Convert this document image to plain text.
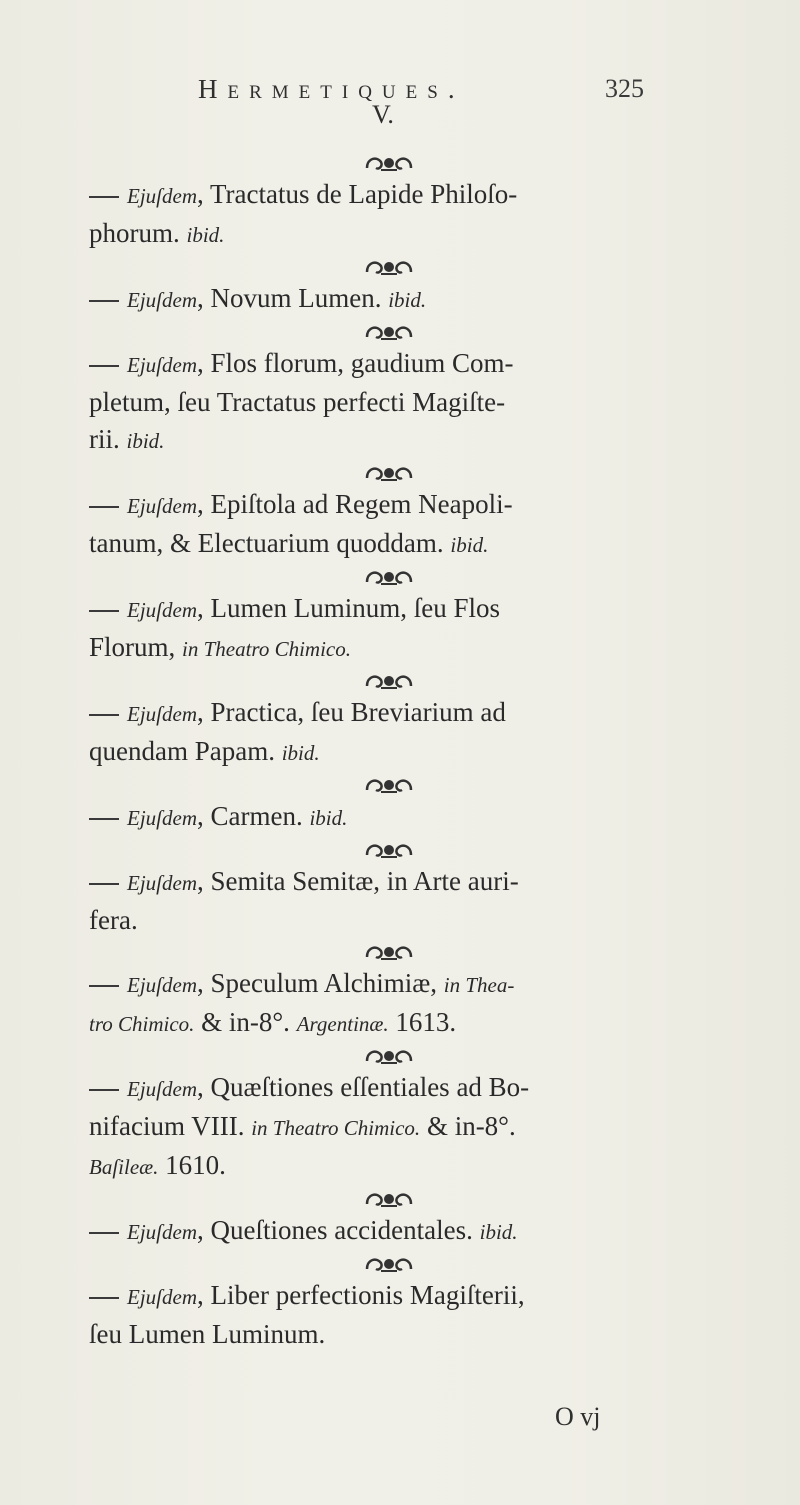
Hermetiques.	325
V.

Ejuſdem, Tractatus de Lapide Philoſo-
phorum. ibid.

Ejuſdem, Novum Lumen. ibid.

Ejuſdem, Flos florum, gaudium Com-
pletum, ſeu Tractatus perfecti Magiſte-
rii. ibid.

Ejuſdem, Epiſtola ad Regem Neapoli-
tanum, & Electuarium quoddam. ibid.

Ejuſdem, Lumen Luminum, ſeu Flos
Florum, in Theatro Chimico.

Ejuſdem, Practica, ſeu Breviarium ad
quendam Papam. ibid.

Ejuſdem, Carmen. ibid.

Ejuſdem, Semita Semitæ, in Arte auri-
fera.

Ejuſdem, Speculum Alchimiæ, in Thea-
tro Chimico. & in-8°. Argentinæ. 1613.

Ejuſdem, Quæſtiones eſſentiales ad Bo-
nifacium VIII. in Theatro Chimico. & in-8°.
Baſileæ. 1610.

Ejuſdem, Queſtiones accidentales. ibid.

Ejuſdem, Liber perfectionis Magiſterii,
ſeu Lumen Luminum.

O vj
